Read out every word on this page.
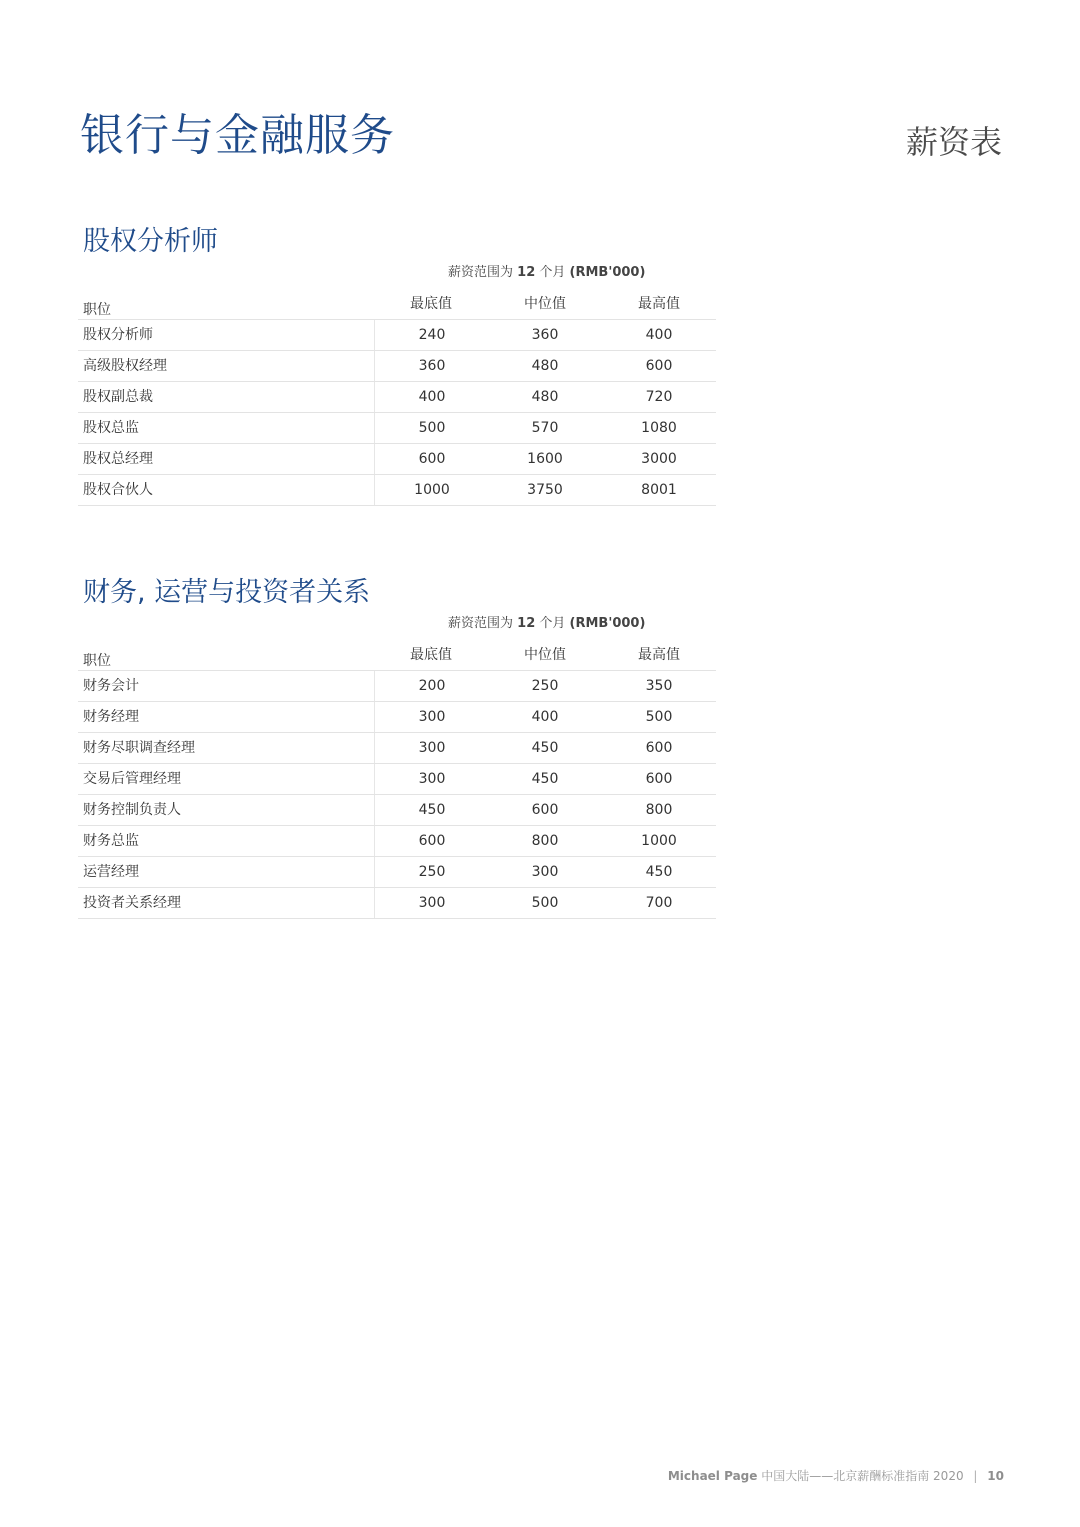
银行与金融服务	薪资表
股权分析师
薪资范围为 12 个月 (RMB'000)
职位	最底值	中位值	最高值
股权分析师	240	360	400
高级股权经理	360	480	600
股权副总裁	400	480	720
股权总监	500	570	1080
股权总经理	600	1600	3000
股权合伙人	1000	3750	8001
财务, 运营与投资者关系
薪资范围为 12 个月 (RMB'000)
职位	最底值	中位值	最高值
财务会计	200	250	350
财务经理	300	400	500
财务尽职调查经理	300	450	600
交易后管理经理	300	450	600
财务控制负责人	450	600	800
财务总监	600	800	1000
运营经理	250	300	450
投资者关系经理	300	500	700
Michael Page 中国大陆——北京薪酬标准指南 2020 | 10
